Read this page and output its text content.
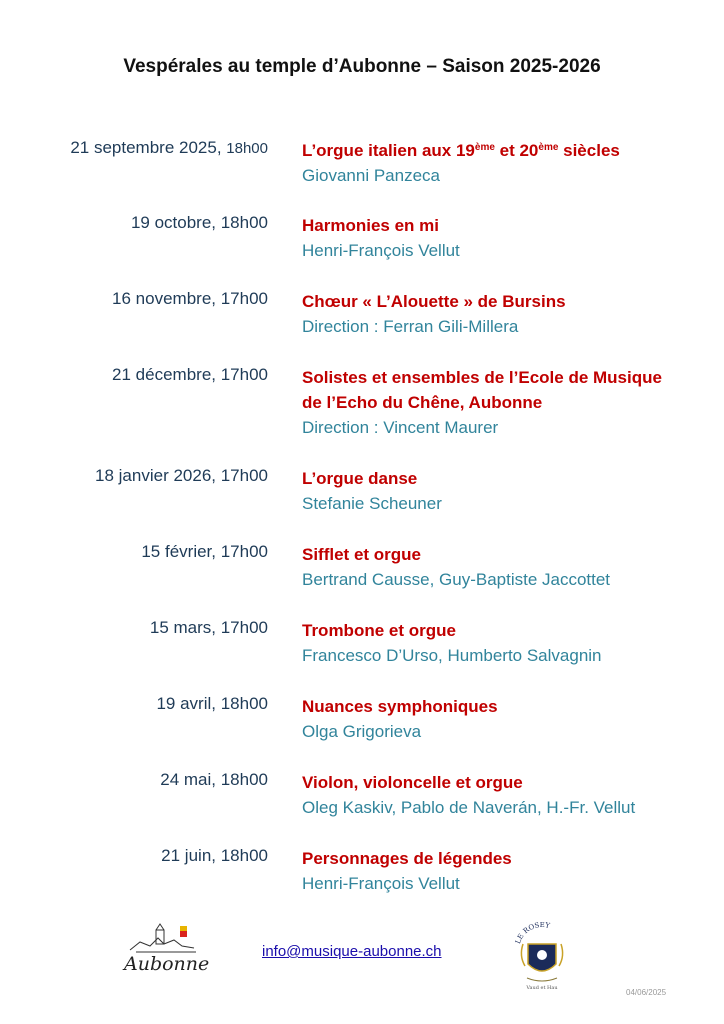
Vespérales au temple d’Aubonne – Saison 2025-2026
21 septembre 2025, 18h00 L’orgue italien aux 19ème et 20ème siècles
Giovanni Panzeca
19 octobre, 18h00 Harmonies en mi
Henri-François Vellut
16 novembre, 17h00 Chœur « L’Alouette » de Bursins
Direction : Ferran Gili-Millera
21 décembre, 17h00 Solistes et ensembles de l’Ecole de Musique
de l’Echo du Chêne, Aubonne
Direction : Vincent Maurer
18 janvier 2026, 17h00 L’orgue danse
Stefanie Scheuner
15 février, 17h00 Sifflet et orgue
Bertrand Causse, Guy-Baptiste Jaccottet
15 mars, 17h00 Trombone et orgue
Francesco D’Urso, Humberto Salvagnin
19 avril, 18h00 Nuances symphoniques
Olga Grigorieva
24 mai, 18h00 Violon, violoncelle et orgue
Oleg Kaskiv, Pablo de Naverán, H.-Fr. Vellut
21 juin, 18h00 Personnages de légendes
Henri-François Vellut
Aubonne
info@musique-aubonne.ch
LE ROSEY
Vaud et Hau	04/06/2025
